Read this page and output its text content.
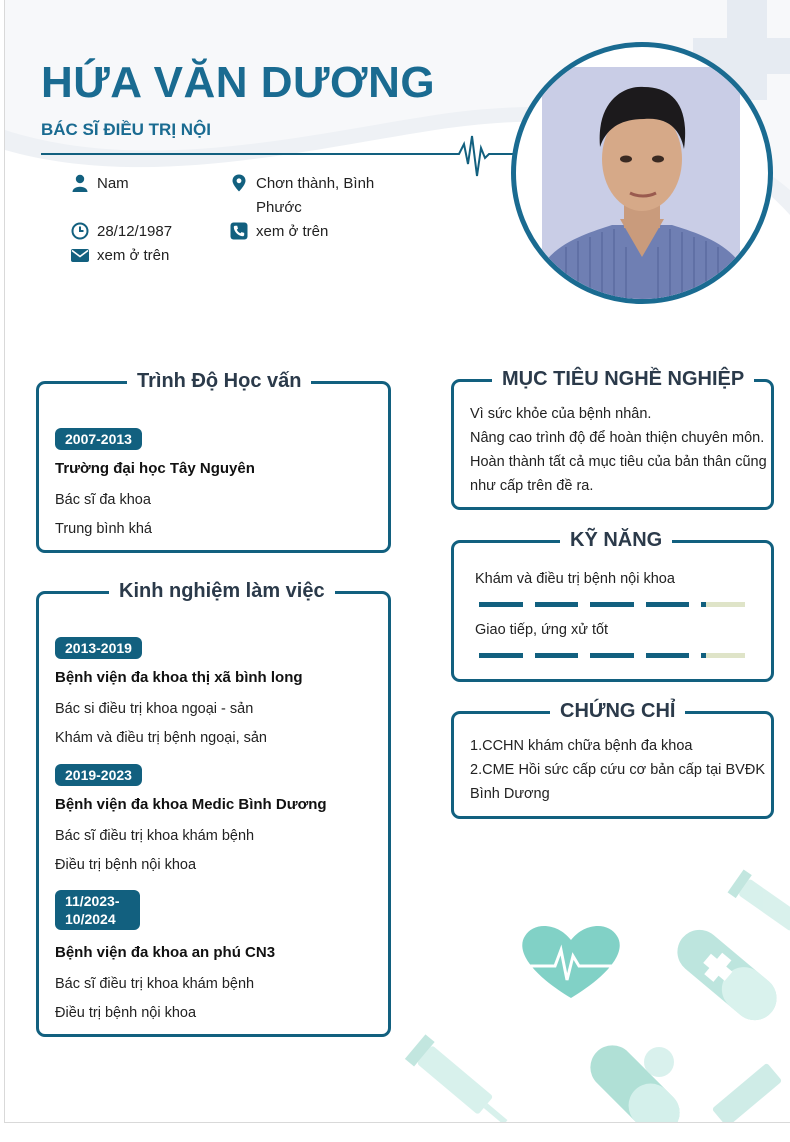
HỨA VĂN DƯƠNG
BÁC SĨ ĐIỀU TRỊ NỘI
Nam	Chơn thành, Bình Phước
28/12/1987	xem ở trên
xem ở trên
Trình Độ Học vấn
2007-2013
Trường đại học Tây Nguyên
Bác sĩ đa khoa
Trung bình khá
Kinh nghiệm làm việc
2013-2019
Bệnh viện đa khoa thị xã bình long
Bác si điều trị khoa ngoại - sản
Khám và điều trị bệnh ngoại, sản
2019-2023
Bệnh viện đa khoa Medic Bình Dương
Bác sĩ điều trị khoa khám bệnh
Điều trị bệnh nội khoa
11/2023-
10/2024
Bệnh viện đa khoa an phú CN3
Bác sĩ điều trị khoa khám bệnh
Điều trị bệnh nội khoa
MỤC TIÊU NGHỀ NGHIỆP
Vì sức khỏe của bệnh nhân.
Nâng cao trình độ để hoàn thiện chuyên môn.
Hoàn thành tất cả mục tiêu của bản thân cũng
như cấp trên đề ra.
KỸ NĂNG
Khám và điều trị bệnh nội khoa
Giao tiếp, ứng xử tốt
CHỨNG CHỈ
1.CCHN khám chữa bệnh đa khoa
2.CME Hồi sức cấp cứu cơ bản cấp tại BVĐK
Bình Dương
